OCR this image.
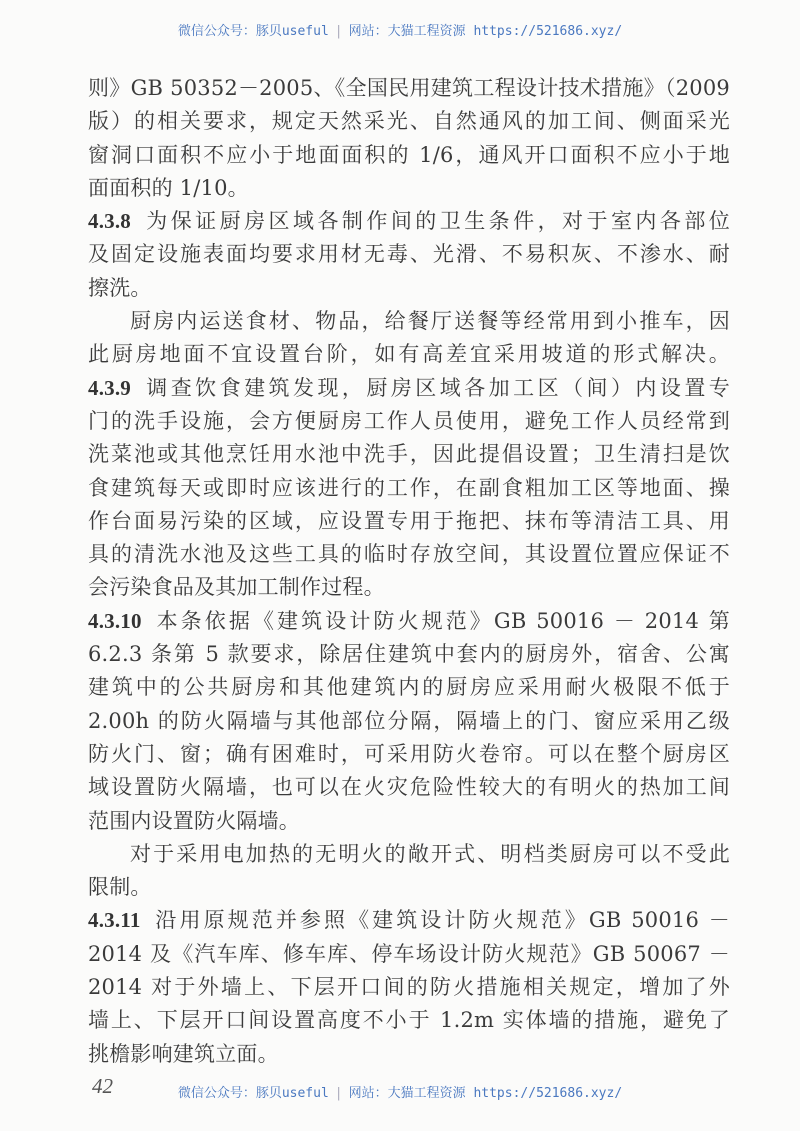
微信公众号：豚贝useful | 网站：大猫工程资源 https://521686.xyz/
则》GB 50352－2005、《全国民用建筑工程设计技术措施》（2009
版）的相关要求，规定天然采光、自然通风的加工间、侧面采光
窗洞口面积不应小于地面面积的 1/6，通风开口面积不应小于地
面面积的 1/10。
4.3.8 为保证厨房区域各制作间的卫生条件，对于室内各部位
及固定设施表面均要求用材无毒、光滑、不易积灰、不渗水、耐
擦洗。
厨房内运送食材、物品，给餐厅送餐等经常用到小推车，因
此厨房地面不宜设置台阶，如有高差宜采用坡道的形式解决。
4.3.9 调查饮食建筑发现，厨房区域各加工区（间）内设置专
门的洗手设施，会方便厨房工作人员使用，避免工作人员经常到
洗菜池或其他烹饪用水池中洗手，因此提倡设置；卫生清扫是饮
食建筑每天或即时应该进行的工作，在副食粗加工区等地面、操
作台面易污染的区域，应设置专用于拖把、抹布等清洁工具、用
具的清洗水池及这些工具的临时存放空间，其设置位置应保证不
会污染食品及其加工制作过程。
4.3.10 本条依据《建筑设计防火规范》GB 50016 － 2014 第
6.2.3 条第 5 款要求，除居住建筑中套内的厨房外，宿舍、公寓
建筑中的公共厨房和其他建筑内的厨房应采用耐火极限不低于
2.00h 的防火隔墙与其他部位分隔，隔墙上的门、窗应采用乙级
防火门、窗；确有困难时，可采用防火卷帘。可以在整个厨房区
域设置防火隔墙，也可以在火灾危险性较大的有明火的热加工间
范围内设置防火隔墙。
对于采用电加热的无明火的敞开式、明档类厨房可以不受此
限制。
4.3.11 沿用原规范并参照《建筑设计防火规范》GB 50016 －
2014 及《汽车库、修车库、停车场设计防火规范》GB 50067 －
2014 对于外墙上、下层开口间的防火措施相关规定，增加了外
墙上、下层开口间设置高度不小于 1.2m 实体墙的措施，避免了
挑檐影响建筑立面。
42	微信公众号：豚贝useful | 网站：大猫工程资源 https://521686.xyz/
